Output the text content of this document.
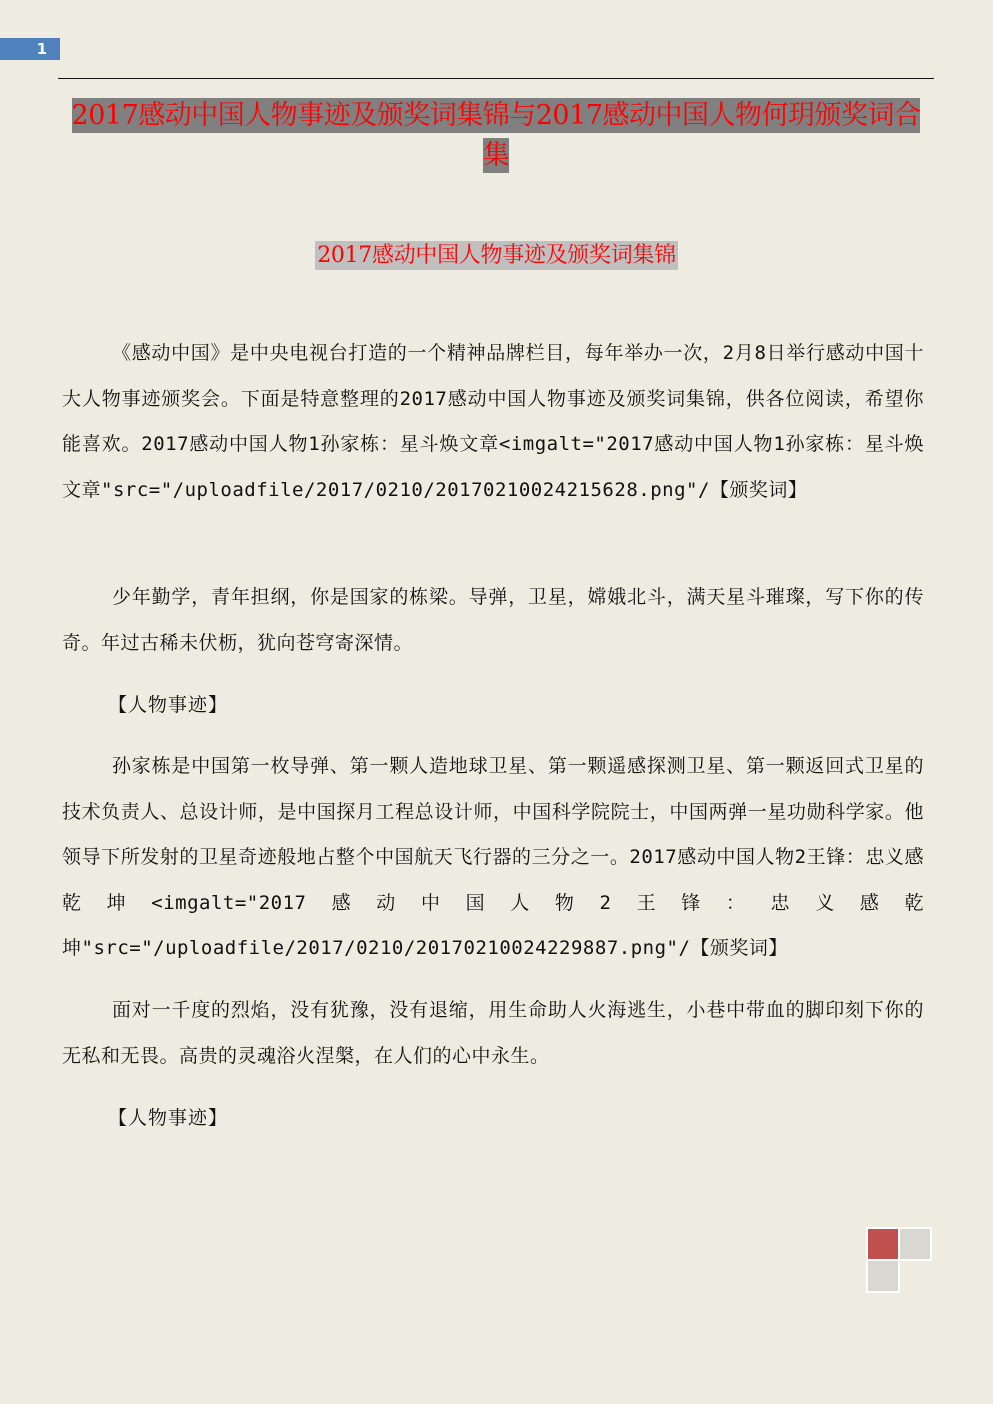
1
2017感动中国人物事迹及颁奖词集锦与2017感动中国人物何玥颁奖词合集
2017感动中国人物事迹及颁奖词集锦

《感动中国》是中央电视台打造的一个精神品牌栏目，每年举办一次，2月8日举行感动中国十大人物事迹颁奖会。下面是特意整理的2017感动中国人物事迹及颁奖词集锦，供各位阅读，希望你能喜欢。2017感动中国人物1孙家栋：星斗焕文章<imgalt="2017感动中国人物1孙家栋：星斗焕文章"src="/uploadfile/2017/0210/20170210024215628.png"/【颁奖词】

少年勤学，青年担纲，你是国家的栋梁。导弹，卫星，嫦娥北斗，满天星斗璀璨，写下你的传奇。年过古稀未伏枥，犹向苍穹寄深情。

【人物事迹】

孙家栋是中国第一枚导弹、第一颗人造地球卫星、第一颗遥感探测卫星、第一颗返回式卫星的技术负责人、总设计师，是中国探月工程总设计师，中国科学院院士，中国两弹一星功勋科学家。他领导下所发射的卫星奇迹般地占整个中国航天飞行器的三分之一。2017感动中国人物2王锋：忠义感乾坤<imgalt="2017感动中国人物2王锋：忠义感乾坤"src="/uploadfile/2017/0210/20170210024229887.png"/【颁奖词】

面对一千度的烈焰，没有犹豫，没有退缩，用生命助人火海逃生，小巷中带血的脚印刻下你的无私和无畏。高贵的灵魂浴火涅槃，在人们的心中永生。

【人物事迹】
